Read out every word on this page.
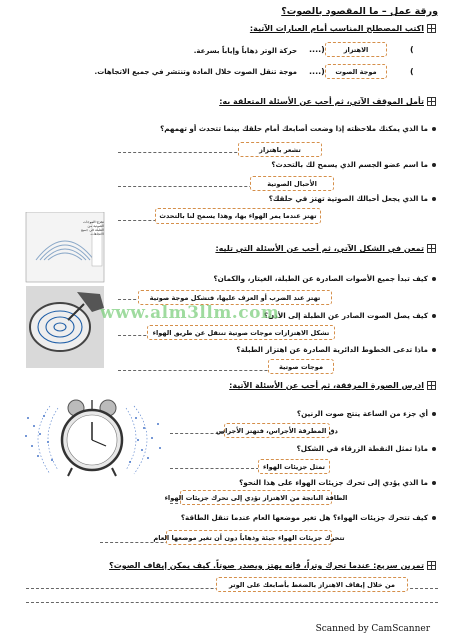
ورقة عمل – ما المقصود بالصوت؟
اكتب المصطلح المناسب أمام العبارات الآتية:
(
الاهتزاز
....)
حركة الوتر ذهاباً وإياباً بسرعة.
(
موجة الصوت
....)
موجة تنقل الصوت خلال المادة وتنتشر في جميع الاتجاهات.
تأمل الموقف الآتي، ثم أجب عن الأسئلة المتعلقة به:
ما الذي يمكنك ملاحظته إذا وضعت أصابعك أمام حلقك بينما تتحدث أو تهمهم؟
تشعر باهتزاز
ما اسم عضو الجسم الذي يسمح لك بالتحدث؟
الأحبال الصوتية
ما الذي يجعل أحبالك الصوتية تهتز في حلقك؟
تهتز عندما يمر الهواء بها، وهذا يسمح لنا بالتحدث
تمعن في الشكل الآتي، ثم أجب عن الأسئلة التي تليه:
تخرج الموجات الصوتية من الطبلة في جميع الاتجاهات
كيف تبدأ جميع الأصوات الصادرة عن الطبلة، الغيتار، والكمان؟
تهتز عند الضرب أو العزف عليها، فتشكل موجة صوتية
كيف يصل الصوت الصادر عن الطبلة إلى الأذن؟
تشكل الاهتزازات موجات صوتية تنتقل عن طريق الهواء
ماذا تدعى الخطوط الدائرية الصادرة عن اهتزاز الطبلة؟
موجات صوتية
ادرس الصورة المرفقة، ثم أجب عن الأسئلة الآتية:
أي جزء من الساعة ينتج صوت الرنين؟
دق المطرقة الأجراس، فتهتز الأجراس
ماذا تمثل النقطة الزرقاء في الشكل؟
تمثل جزيئات الهواء
ما الذي يؤدي إلى تحرك جزيئات الهواء على هذا النحو؟
الطاقة الناتجة من الاهتزاز تؤدي إلى تحرك جزيئات الهواء
كيف تتحرك جزيئات الهواء؟ هل تغير موضعها العام عندما تنقل الطاقة؟
تتحرك جزيئات الهواء جيئة وذهاباً دون أن تغير موضعها العام
تمرين سريع: عندما تحرك وتراً، فإنه يهتز ويصدر صوتاً. كيف يمكن إيقاف الصوت؟
من خلال إيقاف الاهتزاز بالضغط بأصابعك على الوتر
www.alm3llm.com
Scanned by CamScanner
